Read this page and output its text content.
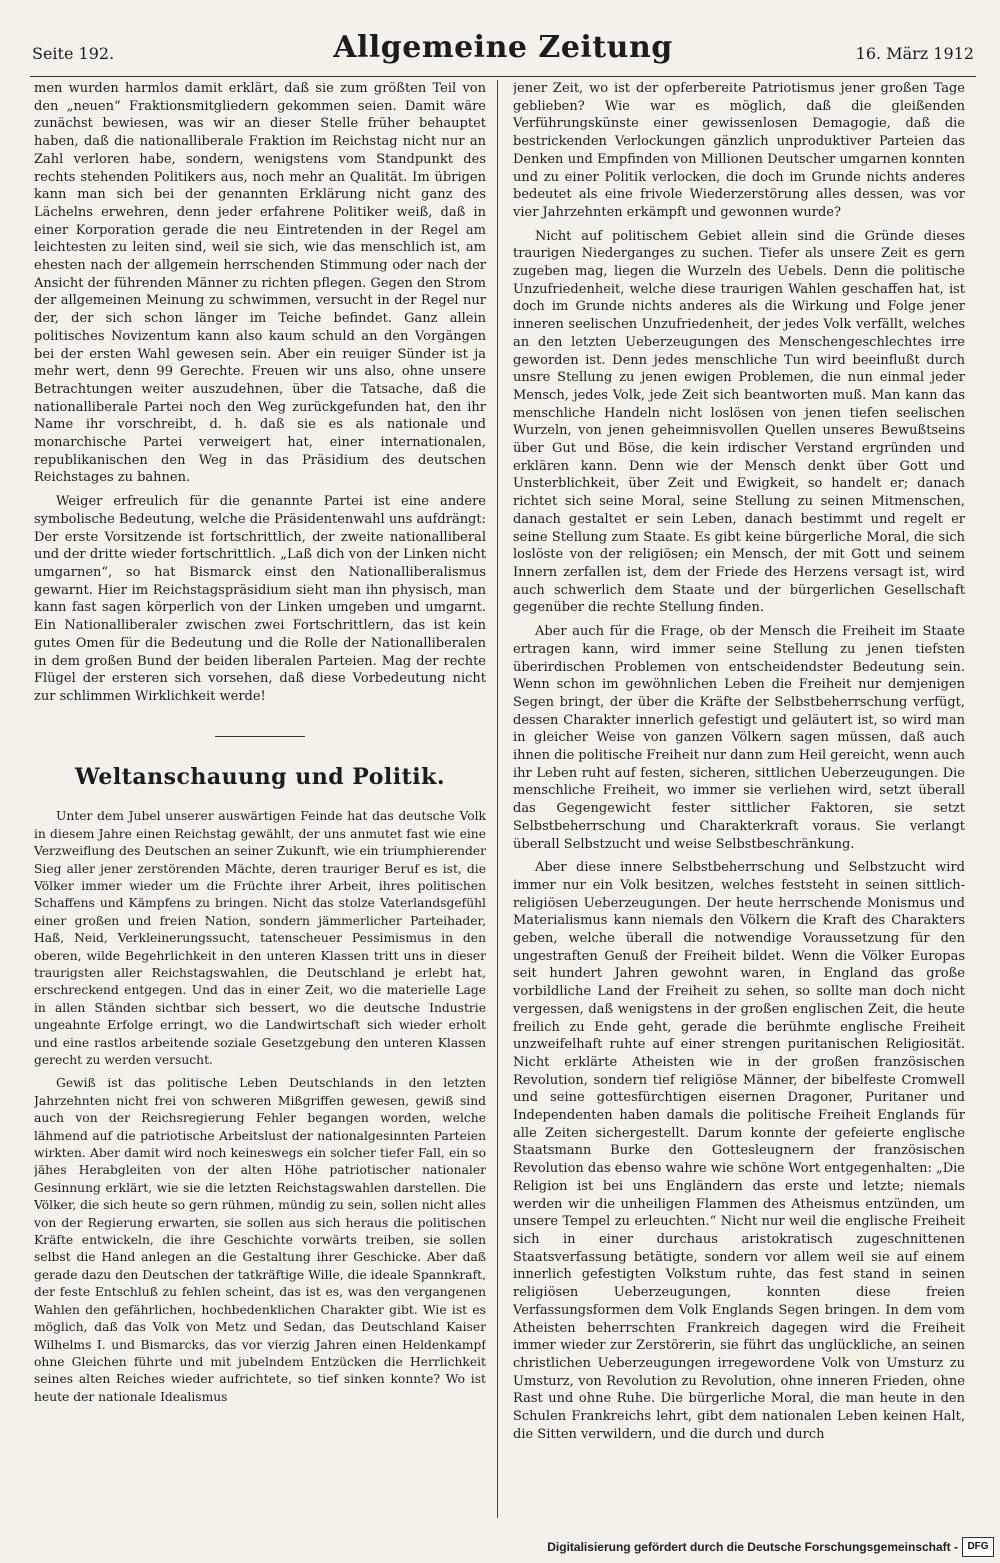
Seite 192.	Allgemeine Zeitung	16. März 1912

men wurden harmlos damit erklärt, daß sie zum größten Teil von den „neuen“ Fraktionsmitgliedern gekommen seien. Damit wäre zunächst bewiesen, was wir an dieser Stelle früher behauptet haben, daß die nationalliberale Fraktion im Reichstag nicht nur an Zahl verloren habe, sondern, wenigstens vom Standpunkt des rechts stehenden Politikers aus, noch mehr an Qualität. Im übrigen kann man sich bei der genannten Erklärung nicht ganz des Lächelns erwehren, denn jeder erfahrene Politiker weiß, daß in einer Korporation gerade die neu Eintretenden in der Regel am leichtesten zu leiten sind, weil sie sich, wie das menschlich ist, am ehesten nach der allgemein herrschenden Stimmung oder nach der Ansicht der führenden Männer zu richten pflegen. Gegen den Strom der allgemeinen Meinung zu schwimmen, versucht in der Regel nur der, der sich schon länger im Teiche befindet. Ganz allein politisches Novizentum kann also kaum schuld an den Vorgängen bei der ersten Wahl gewesen sein. Aber ein reuiger Sünder ist ja mehr wert, denn 99 Gerechte. Freuen wir uns also, ohne unsere Betrachtungen weiter auszudehnen, über die Tatsache, daß die nationalliberale Partei noch den Weg zurückgefunden hat, den ihr Name ihr vorschreibt, d. h. daß sie es als nationale und monarchische Partei verweigert hat, einer internationalen, republikanischen den Weg in das Präsidium des deutschen Reichstages zu bahnen.

Weiger erfreulich für die genannte Partei ist eine andere symbolische Bedeutung, welche die Präsidentenwahl uns aufdrängt: Der erste Vorsitzende ist fortschrittlich, der zweite nationalliberal und der dritte wieder fortschrittlich. „Laß dich von der Linken nicht umgarnen“, so hat Bismarck einst den Nationalliberalismus gewarnt. Hier im Reichstagspräsidium sieht man ihn physisch, man kann fast sagen körperlich von der Linken umgeben und umgarnt. Ein Nationalliberaler zwischen zwei Fortschrittlern, das ist kein gutes Omen für die Bedeutung und die Rolle der Nationalliberalen in dem großen Bund der beiden liberalen Parteien. Mag der rechte Flügel der ersteren sich vorsehen, daß diese Vorbedeutung nicht zur schlimmen Wirklichkeit werde!

Weltanschauung und Politik.

Unter dem Jubel unserer auswärtigen Feinde hat das deutsche Volk in diesem Jahre einen Reichstag gewählt, der uns anmutet fast wie eine Verzweiflung des Deutschen an seiner Zukunft, wie ein triumphierender Sieg aller jener zerstörenden Mächte, deren trauriger Beruf es ist, die Völker immer wieder um die Früchte ihrer Arbeit, ihres politischen Schaffens und Kämpfens zu bringen. Nicht das stolze Vaterlandsgefühl einer großen und freien Nation, sondern jämmerlicher Parteihader, Haß, Neid, Verkleinerungssucht, tatenscheuer Pessimismus in den oberen, wilde Begehrlichkeit in den unteren Klassen tritt uns in dieser traurigsten aller Reichstagswahlen, die Deutschland je erlebt hat, erschreckend entgegen. Und das in einer Zeit, wo die materielle Lage in allen Ständen sichtbar sich bessert, wo die deutsche Industrie ungeahnte Erfolge erringt, wo die Landwirtschaft sich wieder erholt und eine rastlos arbeitende soziale Gesetzgebung den unteren Klassen gerecht zu werden versucht.

Gewiß ist das politische Leben Deutschlands in den letzten Jahrzehnten nicht frei von schweren Mißgriffen gewesen, gewiß sind auch von der Reichsregierung Fehler begangen worden, welche lähmend auf die patriotische Arbeitslust der nationalgesinnten Parteien wirkten. Aber damit wird noch keineswegs ein solcher tiefer Fall, ein so jähes Herabgleiten von der alten Höhe patriotischer nationaler Gesinnung erklärt, wie sie die letzten Reichstagswahlen darstellen. Die Völker, die sich heute so gern rühmen, mündig zu sein, sollen nicht alles von der Regierung erwarten, sie sollen aus sich heraus die politischen Kräfte entwickeln, die ihre Geschichte vorwärts treiben, sie sollen selbst die Hand anlegen an die Gestaltung ihrer Geschicke. Aber daß gerade dazu den Deutschen der tatkräftige Wille, die ideale Spannkraft, der feste Entschluß zu fehlen scheint, das ist es, was den vergangenen Wahlen den gefährlichen, hochbedenklichen Charakter gibt. Wie ist es möglich, daß das Volk von Metz und Sedan, das Deutschland Kaiser Wilhelms I. und Bismarcks, das vor vierzig Jahren einen Heldenkampf ohne Gleichen führte und mit jubelndem Entzücken die Herrlichkeit seines alten Reiches wieder aufrichtete, so tief sinken konnte? Wo ist heute der nationale Idealismus

jener Zeit, wo ist der opferbereite Patriotismus jener großen Tage geblieben? Wie war es möglich, daß die gleißenden Verführungskünste einer gewissenlosen Demagogie, daß die bestrickenden Verlockungen gänzlich unproduktiver Parteien das Denken und Empfinden von Millionen Deutscher umgarnen konnten und zu einer Politik verlocken, die doch im Grunde nichts anderes bedeutet als eine frivole Wiederzerstörung alles dessen, was vor vier Jahrzehnten erkämpft und gewonnen wurde?

Nicht auf politischem Gebiet allein sind die Gründe dieses traurigen Niederganges zu suchen. Tiefer als unsere Zeit es gern zugeben mag, liegen die Wurzeln des Uebels. Denn die politische Unzufriedenheit, welche diese traurigen Wahlen geschaffen hat, ist doch im Grunde nichts anderes als die Wirkung und Folge jener inneren seelischen Unzufriedenheit, der jedes Volk verfällt, welches an den letzten Ueberzeugungen des Menschengeschlechtes irre geworden ist. Denn jedes menschliche Tun wird beeinflußt durch unsre Stellung zu jenen ewigen Problemen, die nun einmal jeder Mensch, jedes Volk, jede Zeit sich beantworten muß. Man kann das menschliche Handeln nicht loslösen von jenen tiefen seelischen Wurzeln, von jenen geheimnisvollen Quellen unseres Bewußtseins über Gut und Böse, die kein irdischer Verstand ergründen und erklären kann. Denn wie der Mensch denkt über Gott und Unsterblichkeit, über Zeit und Ewigkeit, so handelt er; danach richtet sich seine Moral, seine Stellung zu seinen Mitmenschen, danach gestaltet er sein Leben, danach bestimmt und regelt er seine Stellung zum Staate. Es gibt keine bürgerliche Moral, die sich loslöste von der religiösen; ein Mensch, der mit Gott und seinem Innern zerfallen ist, dem der Friede des Herzens versagt ist, wird auch schwerlich dem Staate und der bürgerlichen Gesellschaft gegenüber die rechte Stellung finden.

Aber auch für die Frage, ob der Mensch die Freiheit im Staate ertragen kann, wird immer seine Stellung zu jenen tiefsten überirdischen Problemen von entscheidendster Bedeutung sein. Wenn schon im gewöhnlichen Leben die Freiheit nur demjenigen Segen bringt, der über die Kräfte der Selbstbeherrschung verfügt, dessen Charakter innerlich gefestigt und geläutert ist, so wird man in gleicher Weise von ganzen Völkern sagen müssen, daß auch ihnen die politische Freiheit nur dann zum Heil gereicht, wenn auch ihr Leben ruht auf festen, sicheren, sittlichen Ueberzeugungen. Die menschliche Freiheit, wo immer sie verliehen wird, setzt überall das Gegengewicht fester sittlicher Faktoren, sie setzt Selbstbeherrschung und Charakterkraft voraus. Sie verlangt überall Selbstzucht und weise Selbstbeschränkung.

Aber diese innere Selbstbeherrschung und Selbstzucht wird immer nur ein Volk besitzen, welches feststeht in seinen sittlich-religiösen Ueberzeugungen. Der heute herrschende Monismus und Materialismus kann niemals den Völkern die Kraft des Charakters geben, welche überall die notwendige Voraussetzung für den ungestraften Genuß der Freiheit bildet. Wenn die Völker Europas seit hundert Jahren gewohnt waren, in England das große vorbildliche Land der Freiheit zu sehen, so sollte man doch nicht vergessen, daß wenigstens in der großen englischen Zeit, die heute freilich zu Ende geht, gerade die berühmte englische Freiheit unzweifelhaft ruhte auf einer strengen puritanischen Religiosität. Nicht erklärte Atheisten wie in der großen französischen Revolution, sondern tief religiöse Männer, der bibelfeste Cromwell und seine gottesfürchtigen eisernen Dragoner, Puritaner und Independenten haben damals die politische Freiheit Englands für alle Zeiten sichergestellt. Darum konnte der gefeierte englische Staatsmann Burke den Gottesleugnern der französischen Revolution das ebenso wahre wie schöne Wort entgegenhalten: „Die Religion ist bei uns Engländern das erste und letzte; niemals werden wir die unheiligen Flammen des Atheismus entzünden, um unsere Tempel zu erleuchten.“ Nicht nur weil die englische Freiheit sich in einer durchaus aristokratisch zugeschnittenen Staatsverfassung betätigte, sondern vor allem weil sie auf einem innerlich gefestigten Volkstum ruhte, das fest stand in seinen religiösen Ueberzeugungen, konnten diese freien Verfassungsformen dem Volk Englands Segen bringen. In dem vom Atheisten beherrschten Frankreich dagegen wird die Freiheit immer wieder zur Zerstörerin, sie führt das unglückliche, an seinen christlichen Ueberzeugungen irregewordene Volk von Umsturz zu Umsturz, von Revolution zu Revolution, ohne inneren Frieden, ohne Rast und ohne Ruhe. Die bürgerliche Moral, die man heute in den Schulen Frankreichs lehrt, gibt dem nationalen Leben keinen Halt, die Sitten verwildern, und die durch und durch

Digitalisierung gefördert durch die Deutsche Forschungsgemeinschaft - DFG
